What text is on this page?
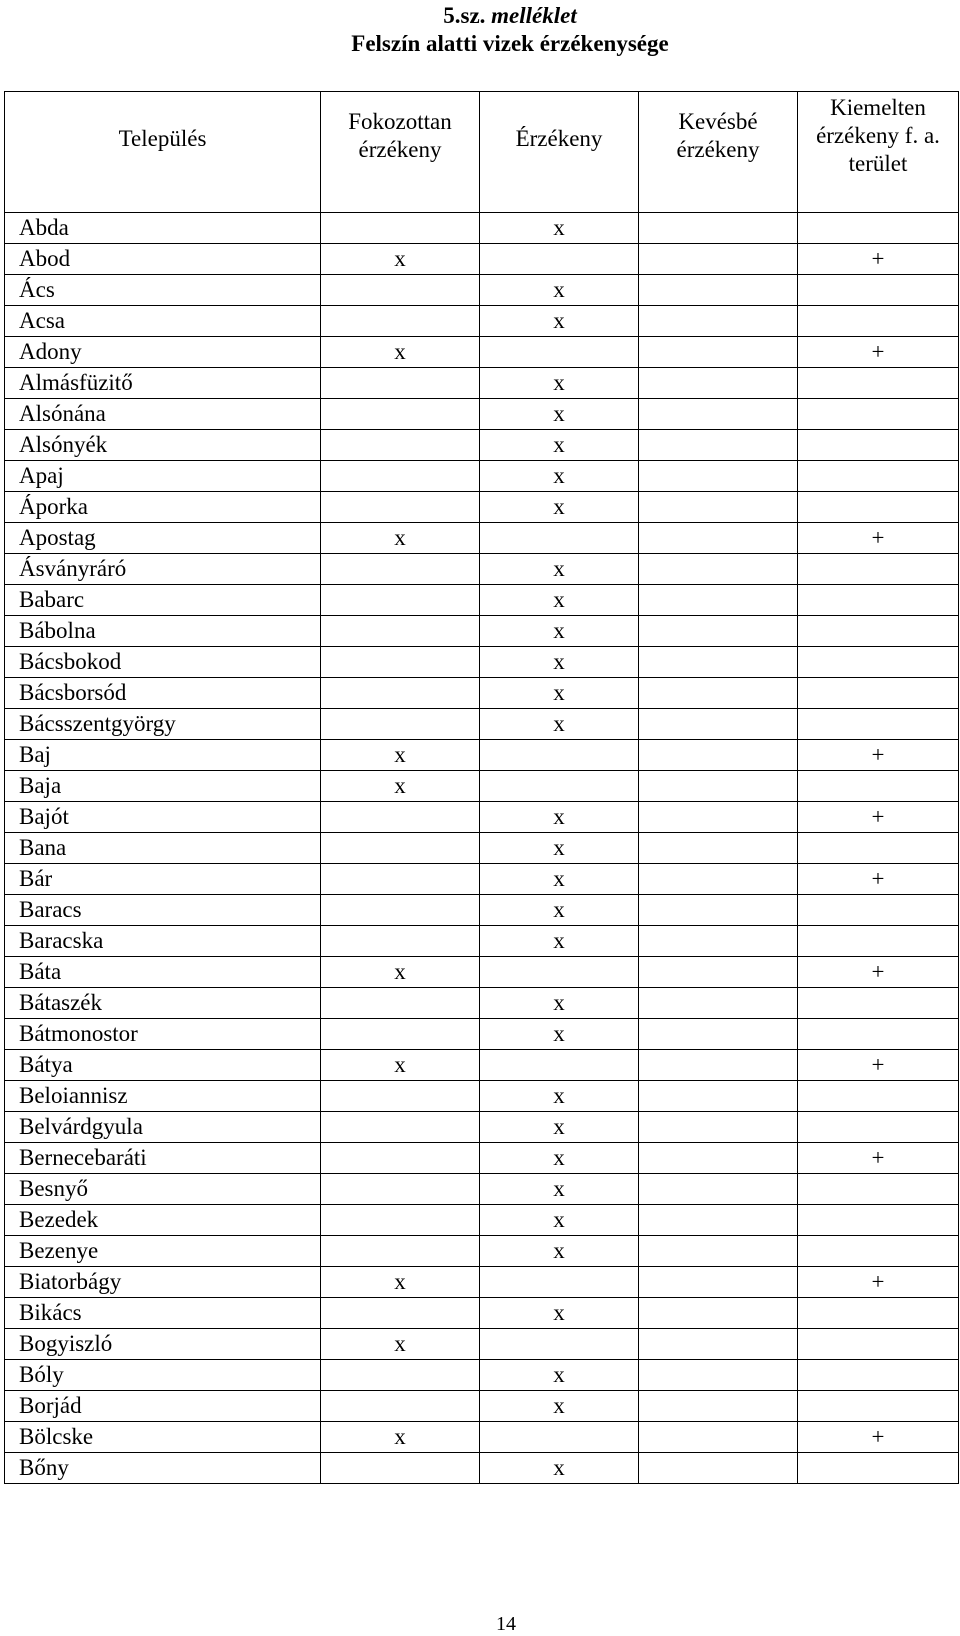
5.sz. melléklet
Felszín alatti vizek érzékenysége
Település	Fokozottan érzékeny	Érzékeny	Kevésbé érzékeny	Kiemelten érzékeny f. a. terület

Abda		x		
Abod	x			+
Ács		x		
Acsa		x		
Adony	x			+
Almásfüzitő		x		
Alsónána		x		
Alsónyék		x		
Apaj		x		
Áporka		x		
Apostag	x			+
Ásványráró		x		
Babarc		x		
Bábolna		x		
Bácsbokod		x		
Bácsborsód		x		
Bácsszentgyörgy		x		
Baj	x			+
Baja	x			
Bajót		x		+
Bana		x		
Bár		x		+
Baracs		x		
Baracska		x		
Báta	x			+
Bátaszék		x		
Bátmonostor		x		
Bátya	x			+
Beloiannisz		x		
Belvárdgyula		x		
Bernecebaráti		x		+
Besnyő		x		
Bezedek		x		
Bezenye		x		
Biatorbágy	x			+
Bikács		x		
Bogyiszló	x			
Bóly		x		
Borjád		x		
Bölcske	x			+
Bőny		x		
14
